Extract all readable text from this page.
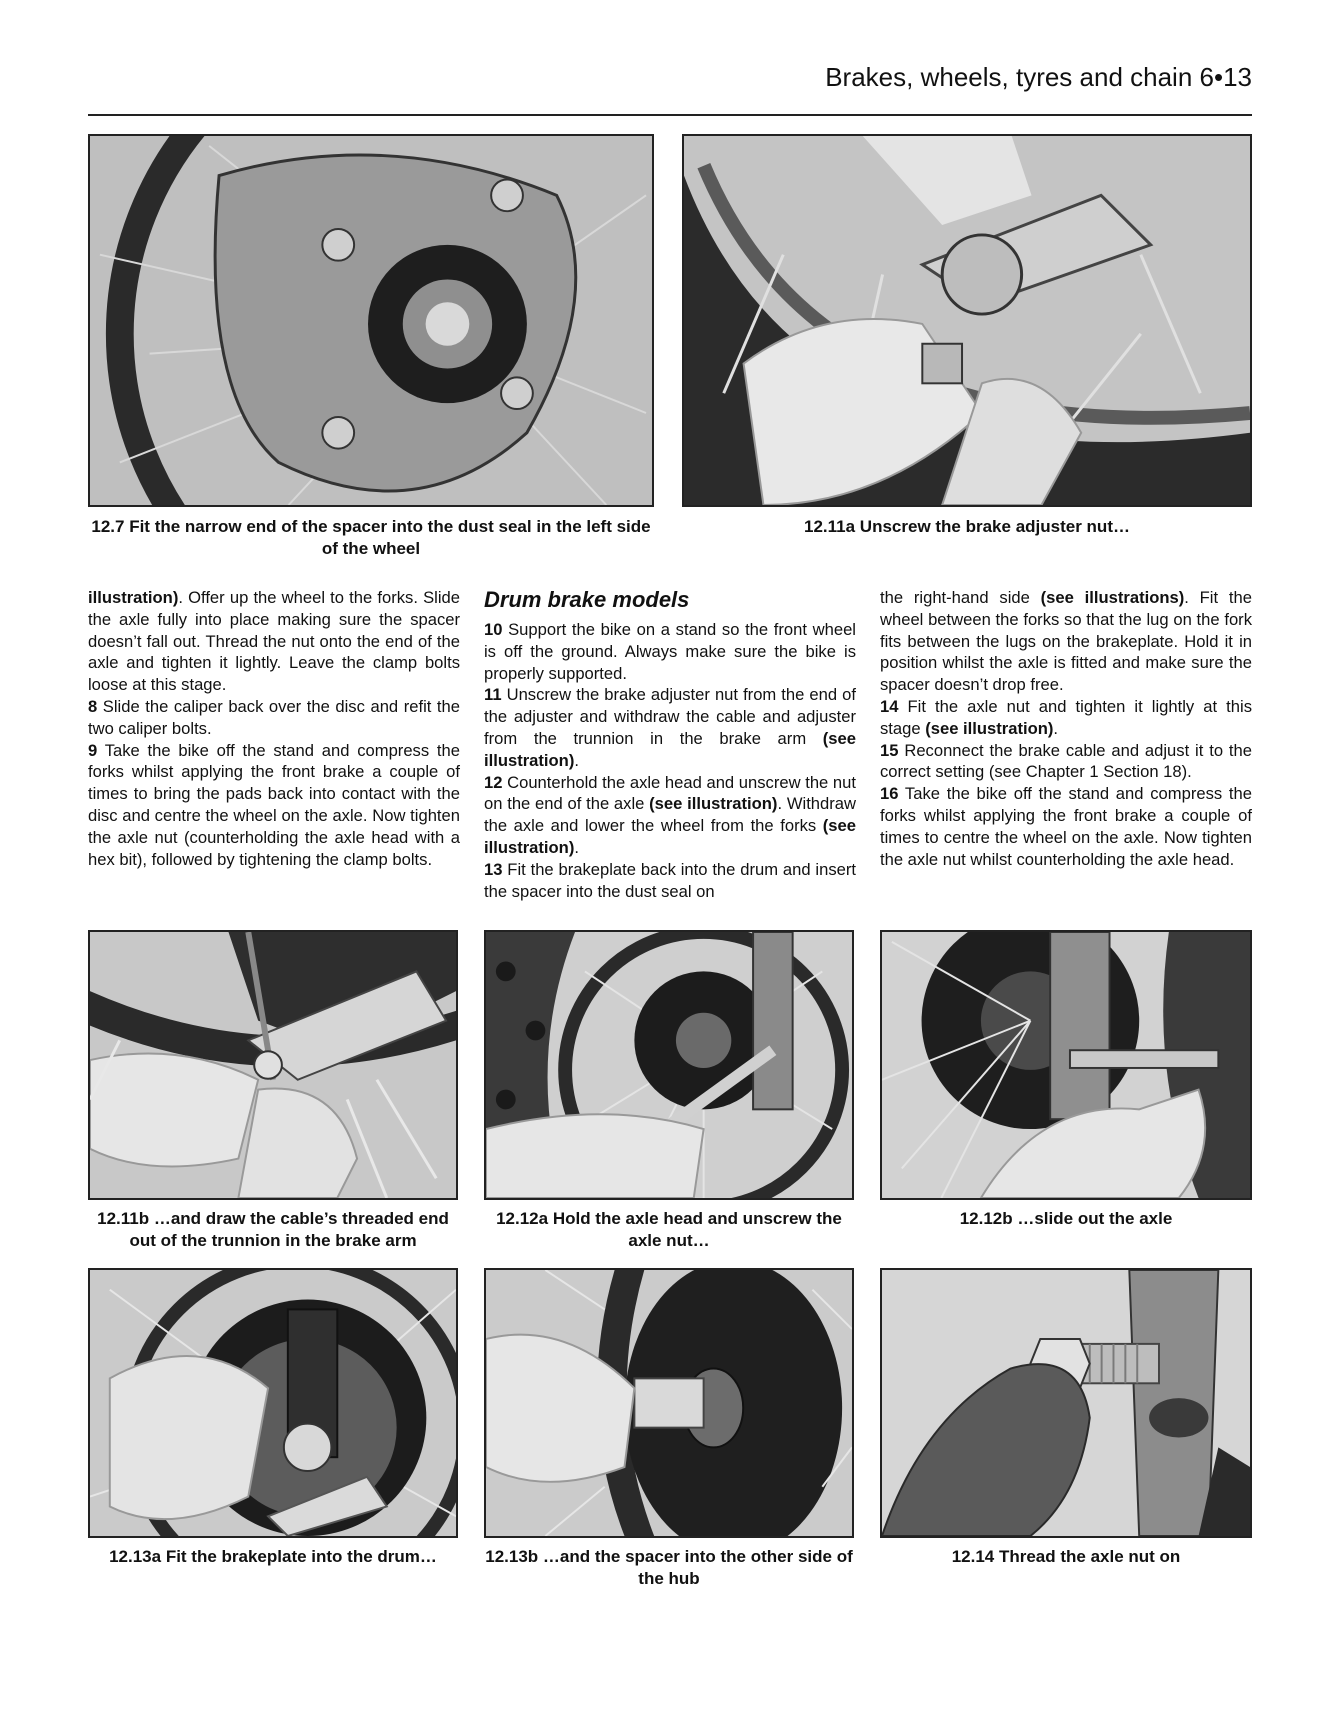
Brakes, wheels, tyres and chain 6•13
12.7 Fit the narrow end of the spacer into the dust seal in the left side of the wheel
12.11a Unscrew the brake adjuster nut…

illustration). Offer up the wheel to the forks. Slide the axle fully into place making sure the spacer doesn’t fall out. Thread the nut onto the end of the axle and tighten it lightly. Leave the clamp bolts loose at this stage.

8 Slide the caliper back over the disc and refit the two caliper bolts.

9 Take the bike off the stand and compress the forks whilst applying the front brake a couple of times to bring the pads back into contact with the disc and centre the wheel on the axle. Now tighten the axle nut (counterholding the axle head with a hex bit), followed by tightening the clamp bolts.

Drum brake models

10 Support the bike on a stand so the front wheel is off the ground. Always make sure the bike is properly supported.

11 Unscrew the brake adjuster nut from the end of the adjuster and withdraw the cable and adjuster from the trunnion in the brake arm (see illustration).

12 Counterhold the axle head and unscrew the nut on the end of the axle (see illustration). Withdraw the axle and lower the wheel from the forks (see illustration).

13 Fit the brakeplate back into the drum and insert the spacer into the dust seal on

the right-hand side (see illustrations). Fit the wheel between the forks so that the lug on the fork fits between the lugs on the brakeplate. Hold it in position whilst the axle is fitted and make sure the spacer doesn’t drop free.

14 Fit the axle nut and tighten it lightly at this stage (see illustration).

15 Reconnect the brake cable and adjust it to the correct setting (see Chapter 1 Section 18).

16 Take the bike off the stand and compress the forks whilst applying the front brake a couple of times to centre the wheel on the axle. Now tighten the axle nut whilst counterholding the axle head.

12.11b …and draw the cable’s threaded end out of the trunnion in the brake arm
12.12a Hold the axle head and unscrew the axle nut…
12.12b …slide out the axle
12.13a Fit the brakeplate into the drum…	12.13b …and the spacer into the other side of the hub
12.14 Thread the axle nut on
